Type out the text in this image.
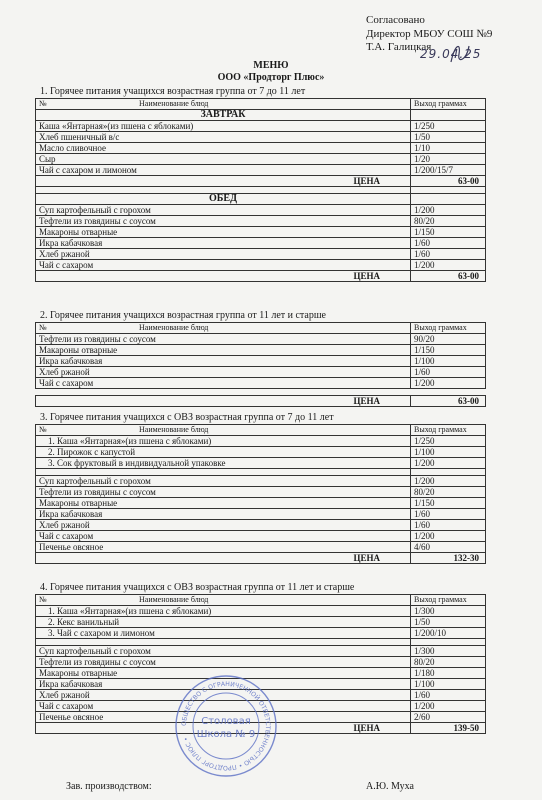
Согласовано
Директор МБОУ СОШ №9
Т.А. Галицкая
29.04.25
МЕНЮ
ООО «Продторг Плюс»
1. Горячее питания учащихся возрастная группа от 7 до 11 лет
№ Наименование блюд	Выход граммах
ЗАВТРАК	
Каша «Янтарная»(из пшена с яблоками)	1/250
Хлеб пшеничный в/с	1/50
Масло сливочное	1/10
Сыр	1/20
Чай с сахаром и лимоном	1/200/15/7
ЦЕНА	63-00

ОБЕД	
Суп картофельный с горохом	1/200
Тефтели из говядины с соусом	80/20
Макароны отварные	1/150
Икра кабачковая	1/60
Хлеб ржаной	1/60
Чай с сахаром	1/200
ЦЕНА	63-00
2. Горячее питания учащихся возрастная группа от 11 лет и старше
№ Наименование блюд	Выход граммах
Тефтели из говядины с соусом	90/20
Макароны отварные	1/150
Икра кабачковая	1/100
Хлеб ржаной	1/60
Чай с сахаром	1/200

ЦЕНА	63-00
3. Горячее питания учащихся с ОВЗ возрастная группа от 7 до 11 лет
№ Наименование блюд	Выход граммах
1. Каша «Янтарная»(из пшена с яблоками)	1/250
2. Пирожок с капустой	1/100
3. Сок фруктовый в индивидуальной упаковке	1/200

Суп картофельный с горохом	1/200
Тефтели из говядины с соусом	80/20
Макароны отварные	1/150
Икра кабачковая	1/60
Хлеб ржаной	1/60
Чай с сахаром	1/200
Печенье овсяное	4/60
ЦЕНА	132-30
4. Горячее питания учащихся с ОВЗ возрастная группа от 11 лет и старше
№ Наименование блюд	Выход граммах
1. Каша «Янтарная»(из пшена с яблоками)	1/300
2. Кекс ванильный	1/50
3. Чай с сахаром и лимоном	1/200/10

Суп картофельный с горохом	1/300
Тефтели из говядины с соусом	80/20
Макароны отварные	1/180
Икра кабачковая	1/100
Хлеб ржаной	1/60
Чай с сахаром	1/200
Печенье овсяное	2/60
ЦЕНА	139-50
ОБЩЕСТВО С ОГРАНИЧЕННОЙ ОТВЕТСТВЕННОСТЬЮ • ПРОДТОРГ ПЛЮС •
Столовая
Школа № 9
Зав. производством:	А.Ю. Муха
